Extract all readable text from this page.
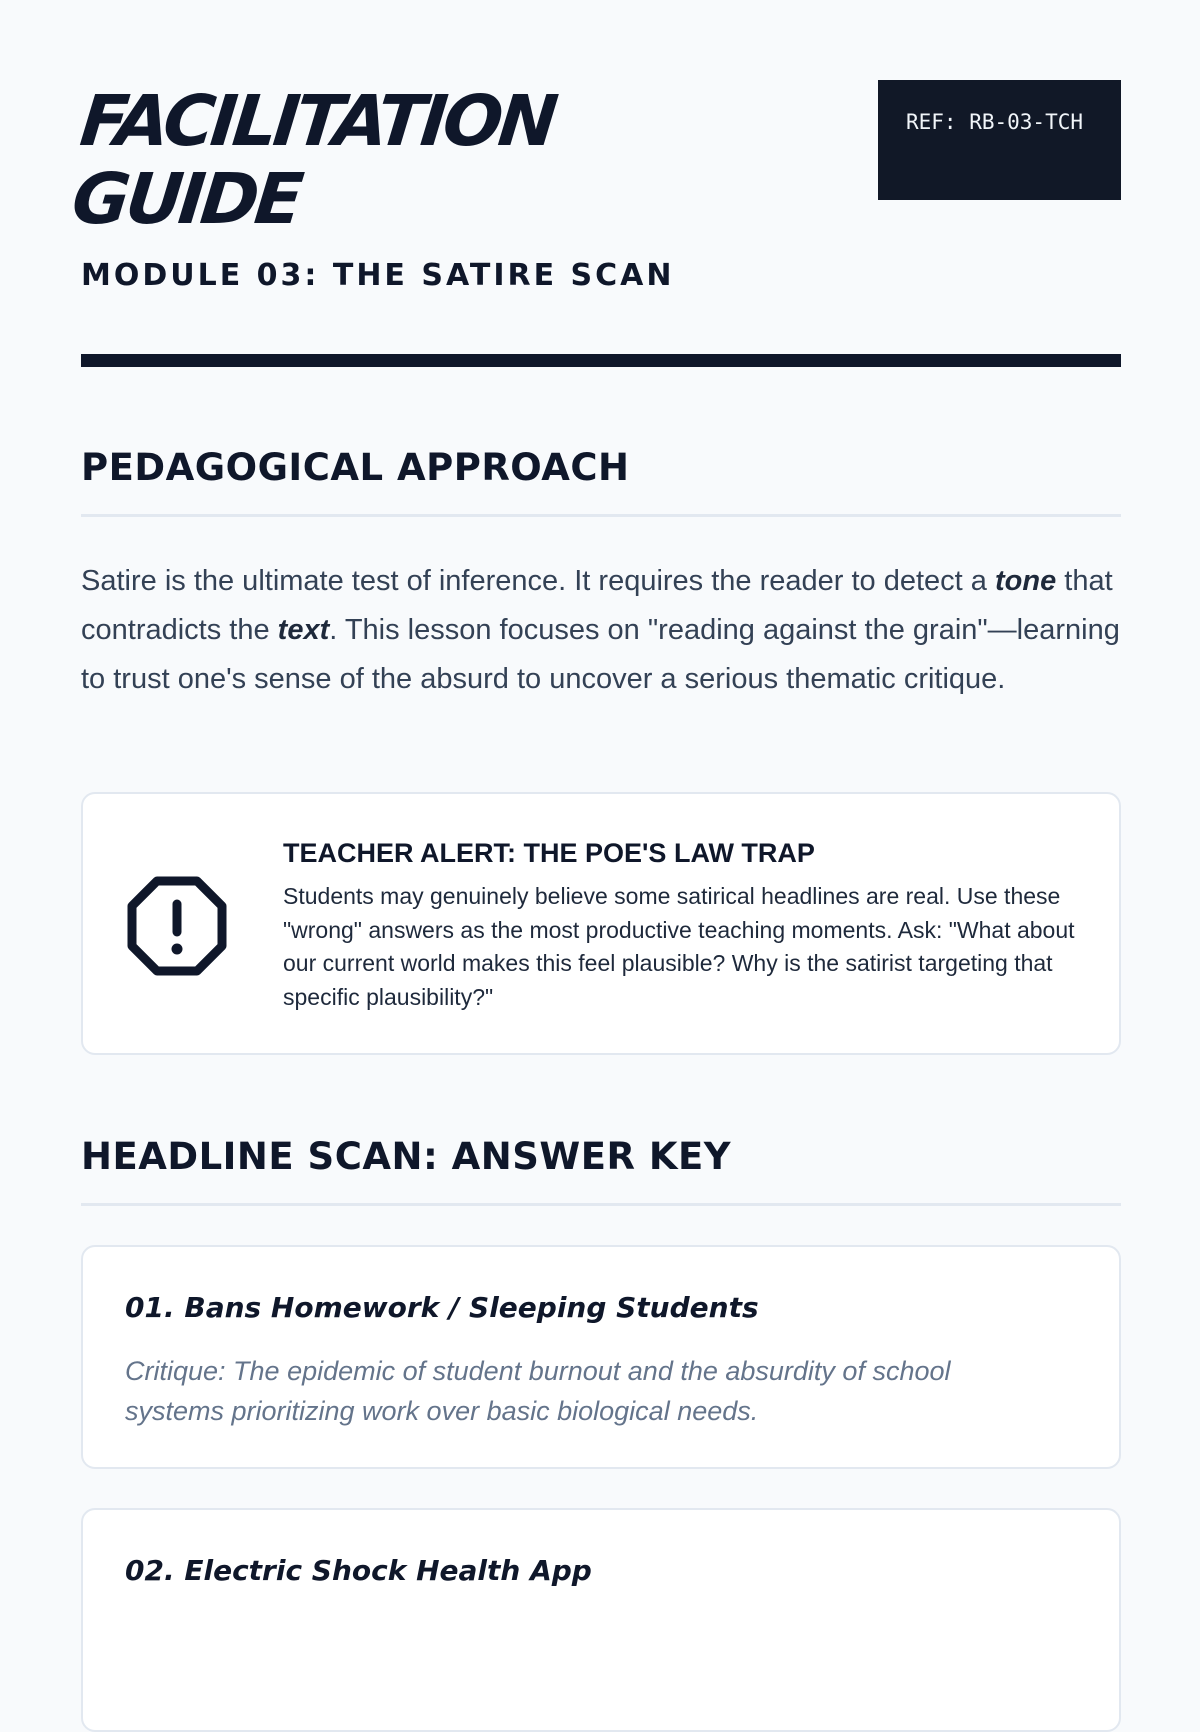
FACILITATION
GUIDE
MODULE 03: THE SATIRE SCAN
REF: RB-03-TCH
PEDAGOGICAL APPROACH

Satire is the ultimate test of inference. It requires the reader to detect a tone that contradicts the text. This lesson focuses on "reading against the grain"—learning to trust one's sense of the absurd to uncover a serious thematic critique.

TEACHER ALERT: THE POE'S LAW TRAP

Students may genuinely believe some satirical headlines are real. Use these "wrong" answers as the most productive teaching moments. Ask: "What about our current world makes this feel plausible? Why is the satirist targeting that specific plausibility?"

HEADLINE SCAN: ANSWER KEY
01. Bans Homework / Sleeping Students

Critique: The epidemic of student burnout and the absurdity of school systems prioritizing work over basic biological needs.

02. Electric Shock Health App
